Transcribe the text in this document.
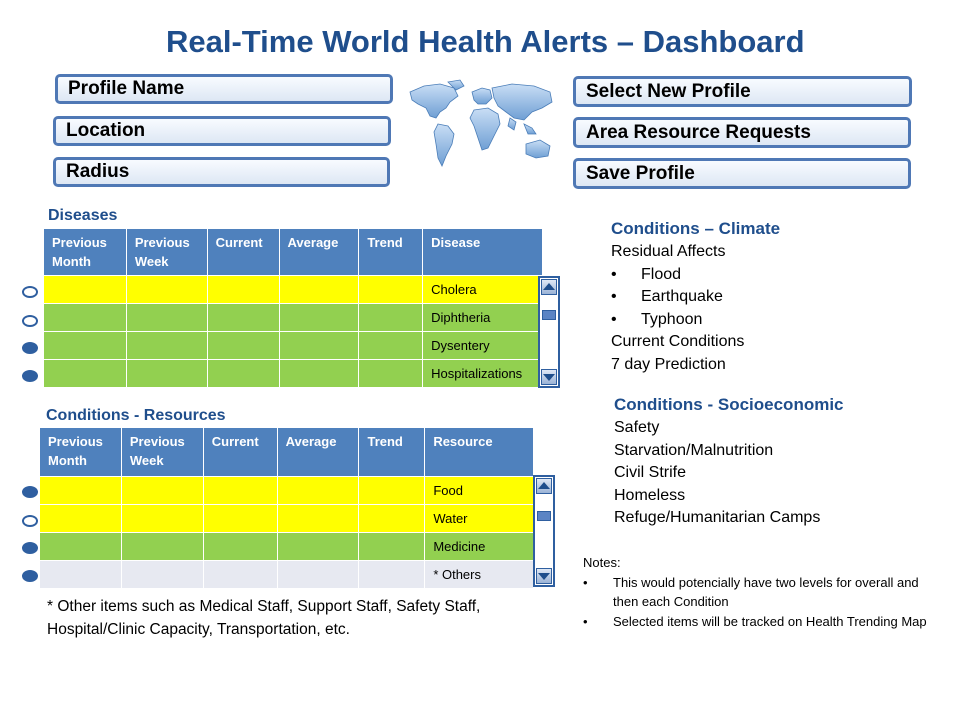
Real-Time World Health Alerts – Dashboard
Profile Name
Location
Radius
Select New Profile
Area Resource Requests
Save Profile
Diseases
Previous Month	Previous Week	Current	Average	Trend	Disease
					Cholera
					Diphtheria
					Dysentery
					Hospitalizations
Conditions - Resources
Previous Month	Previous Week	Current	Average	Trend	Resource
					Food
					Water
					Medicine
					* Others
* Other items such as Medical Staff, Support Staff, Safety Staff, Hospital/Clinic Capacity, Transportation, etc.
Conditions – Climate
Residual Affects
•	Flood
•	Earthquake
•	Typhoon
Current Conditions
7 day Prediction
Conditions - Socioeconomic
Safety
Starvation/Malnutrition
Civil Strife
Homeless
Refuge/Humanitarian Camps
Notes:
•	This would potencially have two levels for overall and then each Condition
•	Selected items will be tracked on Health Trending Map
